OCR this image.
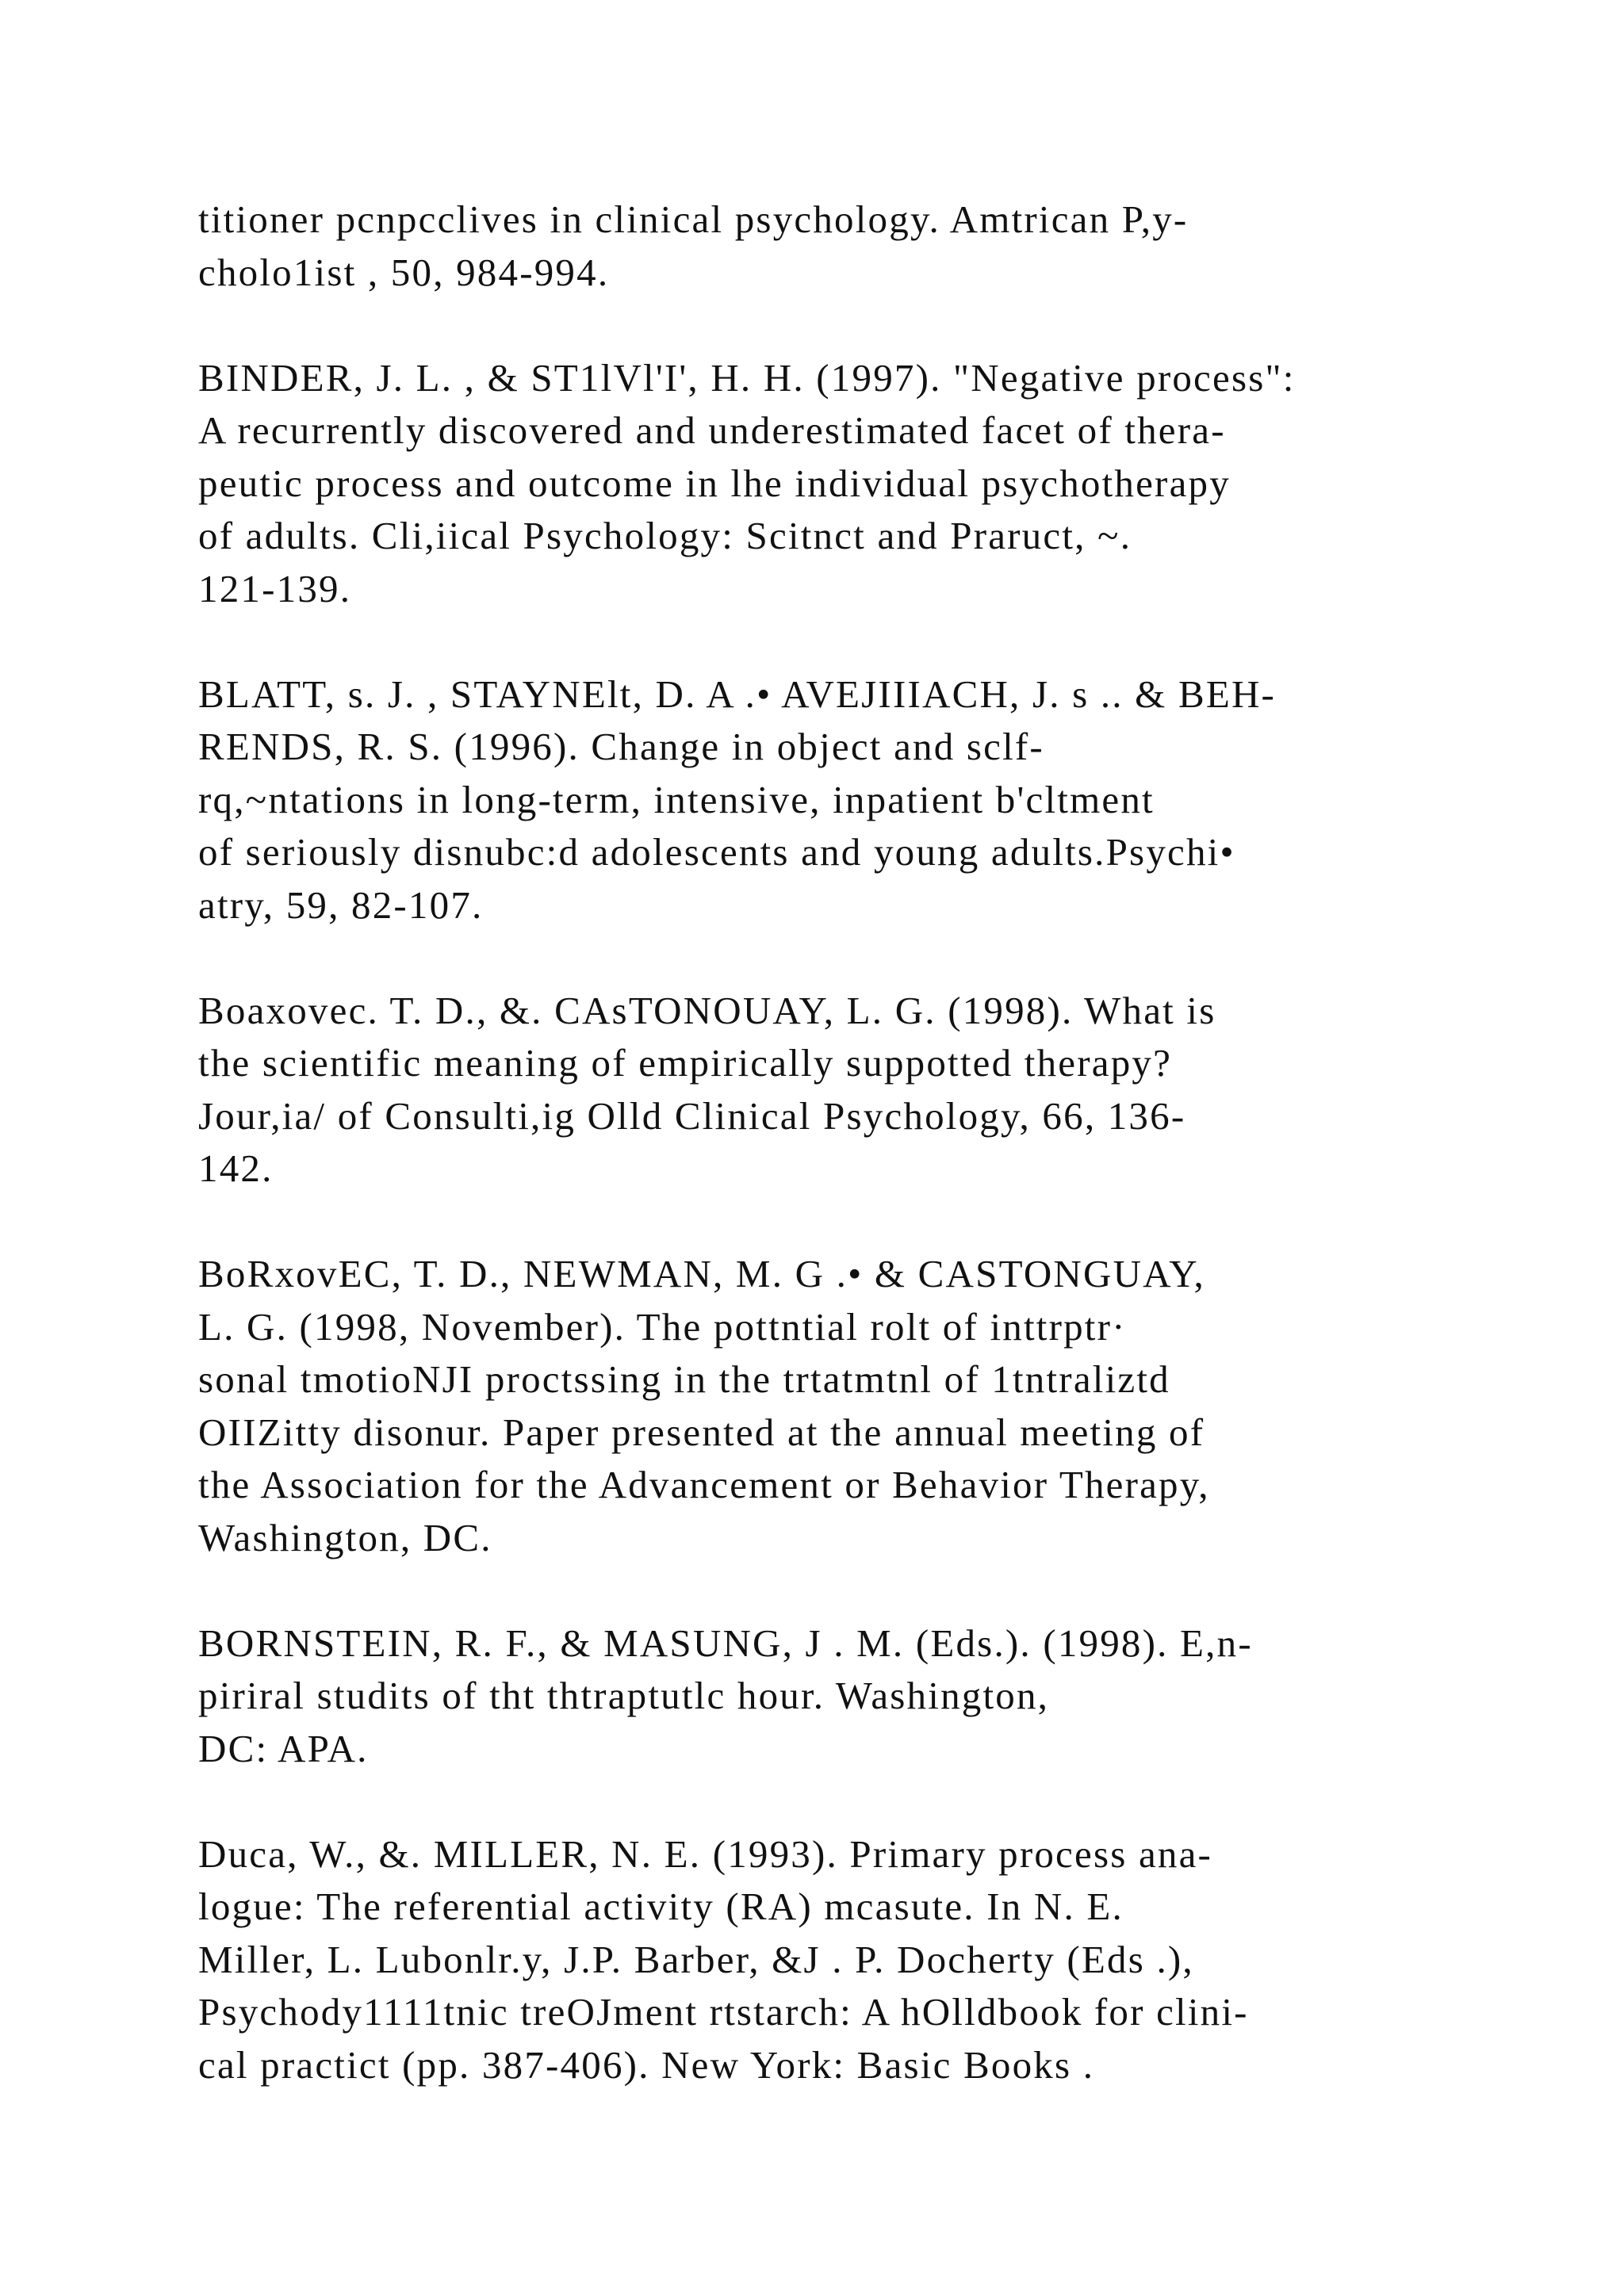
titioner pcnpcclives in clinical psychology. Amtrican P,y-
cholo1ist , 50, 984-994.
BINDER, J. L. , & ST1lVl'I', H. H. (1997). "Negative process":
A recurrently discovered and underestimated facet of thera-
peutic process and outcome in lhe individual psychotherapy
of adults. Cli,iical Psychology: Scitnct and Praruct, ~.
121-139.
BLATT, s. J. , STAYNElt, D. A .• AVEJIIIACH, J. s .. & BEH-
RENDS, R. S. (1996). Change in object and sclf-
rq,~ntations in long-term, intensive, inpatient b'cltment
of seriously disnubc:d adolescents and young adults.Psychi•
atry, 59, 82-107.
Boaxovec. T. D., &. CAsTONOUAY, L. G. (1998). What is
the scientific meaning of empirically suppotted therapy?
Jour,ia/ of Consulti,ig Olld Clinical Psychology, 66, 136-
142.
BoRxovEC, T. D., NEWMAN, M. G .• & CASTONGUAY,
L. G. (1998, November). The pottntial rolt of inttrptr·
sonal tmotioNJI proctssing in the trtatmtnl of 1tntraliztd
OIIZitty disonur. Paper presented at the annual meeting of
the Association for the Advancement or Behavior Therapy,
Washington, DC.
BORNSTEIN, R. F., & MASUNG, J . M. (Eds.). (1998). E,n-
piriral studits of tht thtraptutlc hour. Washington,
DC: APA.
Duca, W., &. MILLER, N. E. (1993). Primary process ana-
logue: The referential activity (RA) mcasute. In N. E.
Miller, L. Lubonlr.y, J.P. Barber, &J . P. Docherty (Eds .),
Psychody1111tnic treOJment rtstarch: A hOlldbook for clini-
cal practict (pp. 387-406). New York: Basic Books .
